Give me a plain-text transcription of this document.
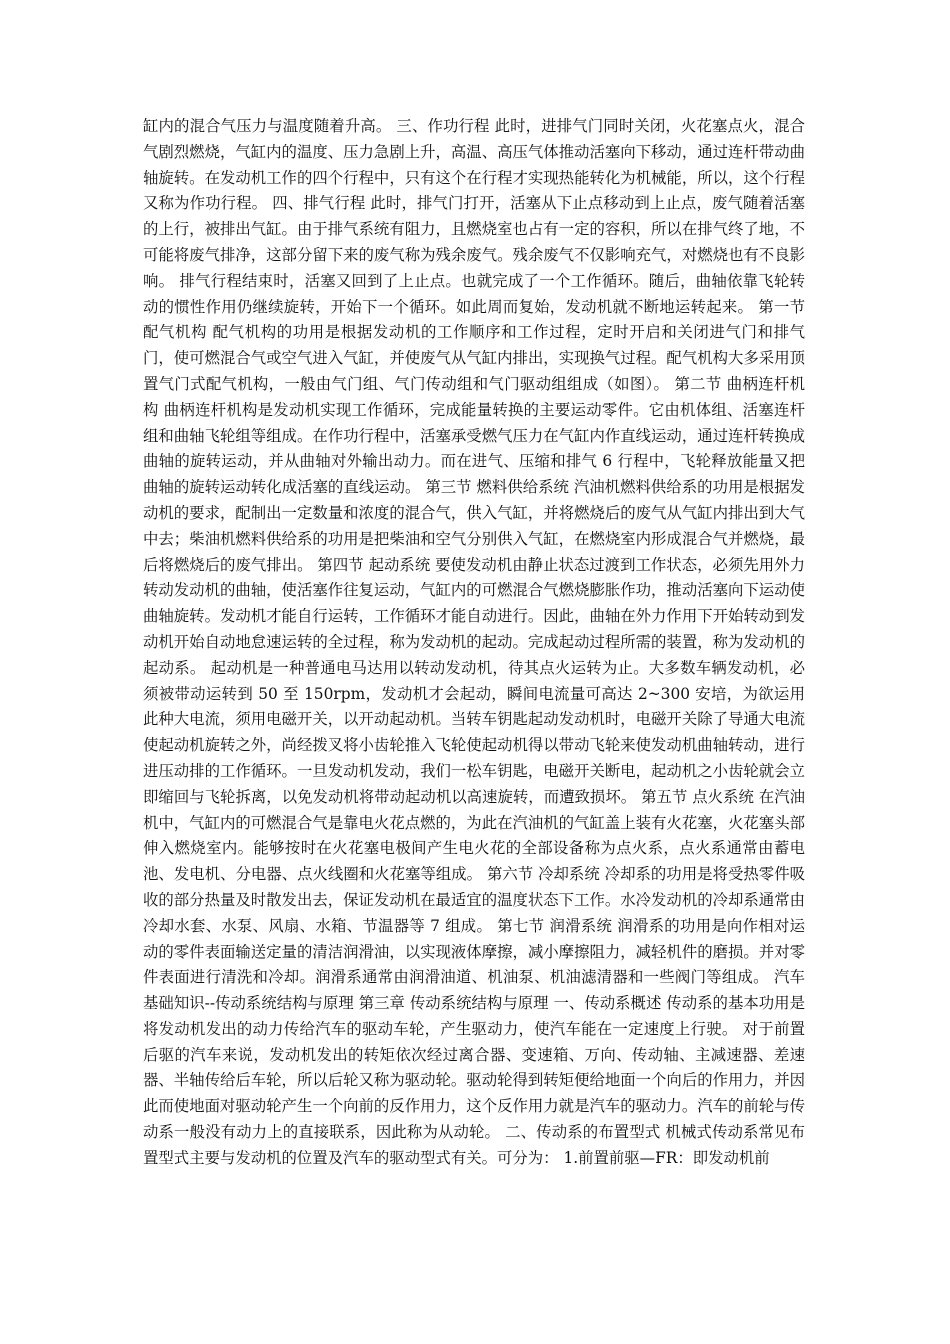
缸内的混合气压力与温度随着升高。 三、作功行程 此时，进排气门同时关闭，火花塞点火，混合气剧烈燃烧，气缸内的温度、压力急剧上升，高温、高压气体推动活塞向下移动，通过连杆带动曲轴旋转。在发动机工作的四个行程中，只有这个在行程才实现热能转化为机械能，所以，这个行程又称为作功行程。 四、排气行程 此时，排气门打开，活塞从下止点移动到上止点，废气随着活塞的上行，被排出气缸。由于排气系统有阻力，且燃烧室也占有一定的容积，所以在排气终了地，不可能将废气排净，这部分留下来的废气称为残余废气。残余废气不仅影响充气，对燃烧也有不良影响。 排气行程结束时，活塞又回到了上止点。也就完成了一个工作循环。随后，曲轴依靠飞轮转动的惯性作用仍继续旋转，开始下一个循环。如此周而复始，发动机就不断地运转起来。 第一节 配气机构 配气机构的功用是根据发动机的工作顺序和工作过程，定时开启和关闭进气门和排气门，使可燃混合气或空气进入气缸，并使废气从气缸内排出，实现换气过程。配气机构大多采用顶置气门式配气机构，一般由气门组、气门传动组和气门驱动组组成（如图）。 第二节 曲柄连杆机构 曲柄连杆机构是发动机实现工作循环，完成能量转换的主要运动零件。它由机体组、活塞连杆组和曲轴飞轮组等组成。在作功行程中，活塞承受燃气压力在气缸内作直线运动，通过连杆转换成曲轴的旋转运动，并从曲轴对外输出动力。而在进气、压缩和排气 6 行程中，飞轮释放能量又把曲轴的旋转运动转化成活塞的直线运动。 第三节 燃料供给系统 汽油机燃料供给系的功用是根据发动机的要求，配制出一定数量和浓度的混合气，供入气缸，并将燃烧后的废气从气缸内排出到大气中去；柴油机燃料供给系的功用是把柴油和空气分别供入气缸，在燃烧室内形成混合气并燃烧，最后将燃烧后的废气排出。 第四节 起动系统 要使发动机由静止状态过渡到工作状态，必须先用外力转动发动机的曲轴，使活塞作往复运动，气缸内的可燃混合气燃烧膨胀作功，推动活塞向下运动使曲轴旋转。发动机才能自行运转，工作循环才能自动进行。因此，曲轴在外力作用下开始转动到发动机开始自动地怠速运转的全过程，称为发动机的起动。完成起动过程所需的装置，称为发动机的起动系。 起动机是一种普通电马达用以转动发动机，待其点火运转为止。大多数车辆发动机，必须被带动运转到 50 至 150rpm，发动机才会起动，瞬间电流量可高达 2~300 安培，为欲运用此种大电流，须用电磁开关，以开动起动机。当转车钥匙起动发动机时，电磁开关除了导通大电流使起动机旋转之外，尚经拨叉将小齿轮推入飞轮使起动机得以带动飞轮来使发动机曲轴转动，进行进压动排的工作循环。一旦发动机发动，我们一松车钥匙，电磁开关断电，起动机之小齿轮就会立即缩回与飞轮拆离，以免发动机将带动起动机以高速旋转，而遭致损坏。 第五节 点火系统 在汽油机中，气缸内的可燃混合气是靠电火花点燃的，为此在汽油机的气缸盖上装有火花塞，火花塞头部伸入燃烧室内。能够按时在火花塞电极间产生电火花的全部设备称为点火系，点火系通常由蓄电池、发电机、分电器、点火线圈和火花塞等组成。 第六节 冷却系统 冷却系的功用是将受热零件吸收的部分热量及时散发出去，保证发动机在最适宜的温度状态下工作。水冷发动机的冷却系通常由冷却水套、水泵、风扇、水箱、节温器等 7 组成。 第七节 润滑系统 润滑系的功用是向作相对运动的零件表面输送定量的清洁润滑油，以实现液体摩擦，减小摩擦阻力，减轻机件的磨损。并对零件表面进行清洗和冷却。润滑系通常由润滑油道、机油泵、机油滤清器和一些阀门等组成。 汽车基础知识--传动系统结构与原理 第三章 传动系统结构与原理 一、传动系概述 传动系的基本功用是将发动机发出的动力传给汽车的驱动车轮，产生驱动力，使汽车能在一定速度上行驶。 对于前置后驱的汽车来说，发动机发出的转矩依次经过离合器、变速箱、万向、传动轴、主减速器、差速器、半轴传给后车轮，所以后轮又称为驱动轮。驱动轮得到转矩便给地面一个向后的作用力，并因此而使地面对驱动轮产生一个向前的反作用力，这个反作用力就是汽车的驱动力。汽车的前轮与传动系一般没有动力上的直接联系，因此称为从动轮。 二、传动系的布置型式 机械式传动系常见布置型式主要与发动机的位置及汽车的驱动型式有关。可分为： 1.前置前驱—FR：即发动机前
